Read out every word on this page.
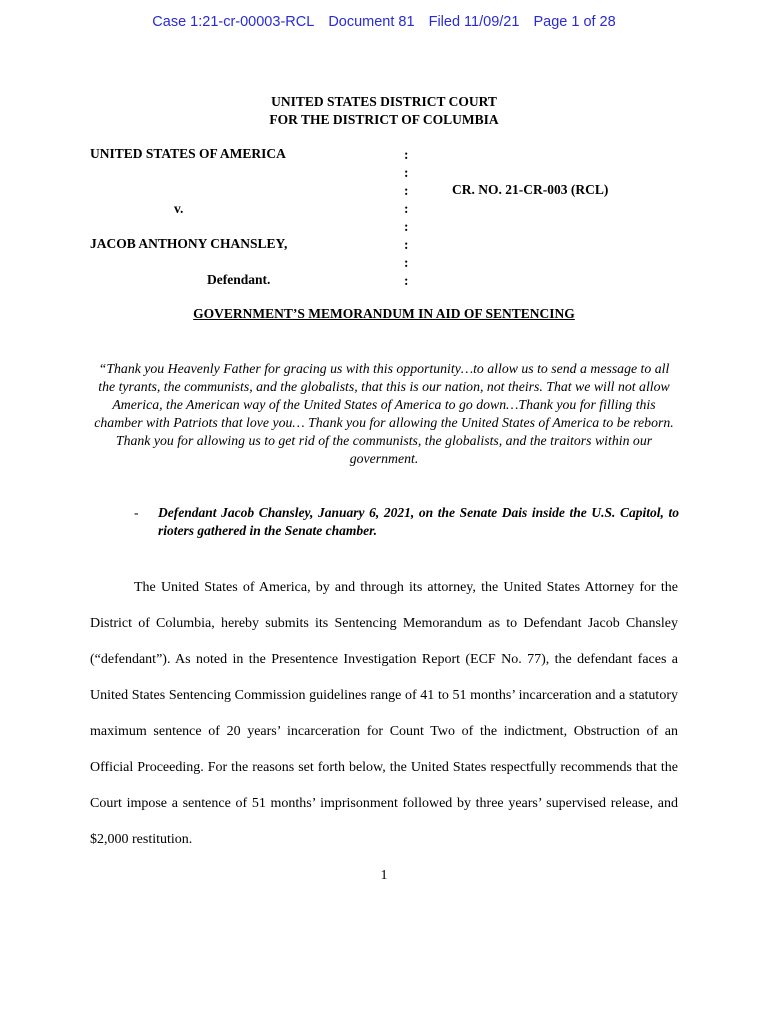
Case 1:21-cr-00003-RCL Document 81 Filed 11/09/21 Page 1 of 28
UNITED STATES DISTRICT COURT
FOR THE DISTRICT OF COLUMBIA
UNITED STATES OF AMERICA
v.
JACOB ANTHONY CHANSLEY,
Defendant.
:
:
:
:
:
:
:
:
CR. NO. 21-CR-003 (RCL)
GOVERNMENT’S MEMORANDUM IN AID OF SENTENCING
“Thank you Heavenly Father for gracing us with this opportunity…to allow us to send a message to all the tyrants, the communists, and the globalists, that this is our nation, not theirs. That we will not allow America, the American way of the United States of America to go down…Thank you for filling this chamber with Patriots that love you… Thank you for allowing the United States of America to be reborn. Thank you for allowing us to get rid of the communists, the globalists, and the traitors within our government.
- Defendant Jacob Chansley, January 6, 2021, on the Senate Dais inside the U.S. Capitol, to rioters gathered in the Senate chamber.
The United States of America, by and through its attorney, the United States Attorney for the District of Columbia, hereby submits its Sentencing Memorandum as to Defendant Jacob Chansley (“defendant”). As noted in the Presentence Investigation Report (ECF No. 77), the defendant faces a United States Sentencing Commission guidelines range of 41 to 51 months’ incarceration and a statutory maximum sentence of 20 years’ incarceration for Count Two of the indictment, Obstruction of an Official Proceeding. For the reasons set forth below, the United States respectfully recommends that the Court impose a sentence of 51 months’ imprisonment followed by three years’ supervised release, and $2,000 restitution.
1
